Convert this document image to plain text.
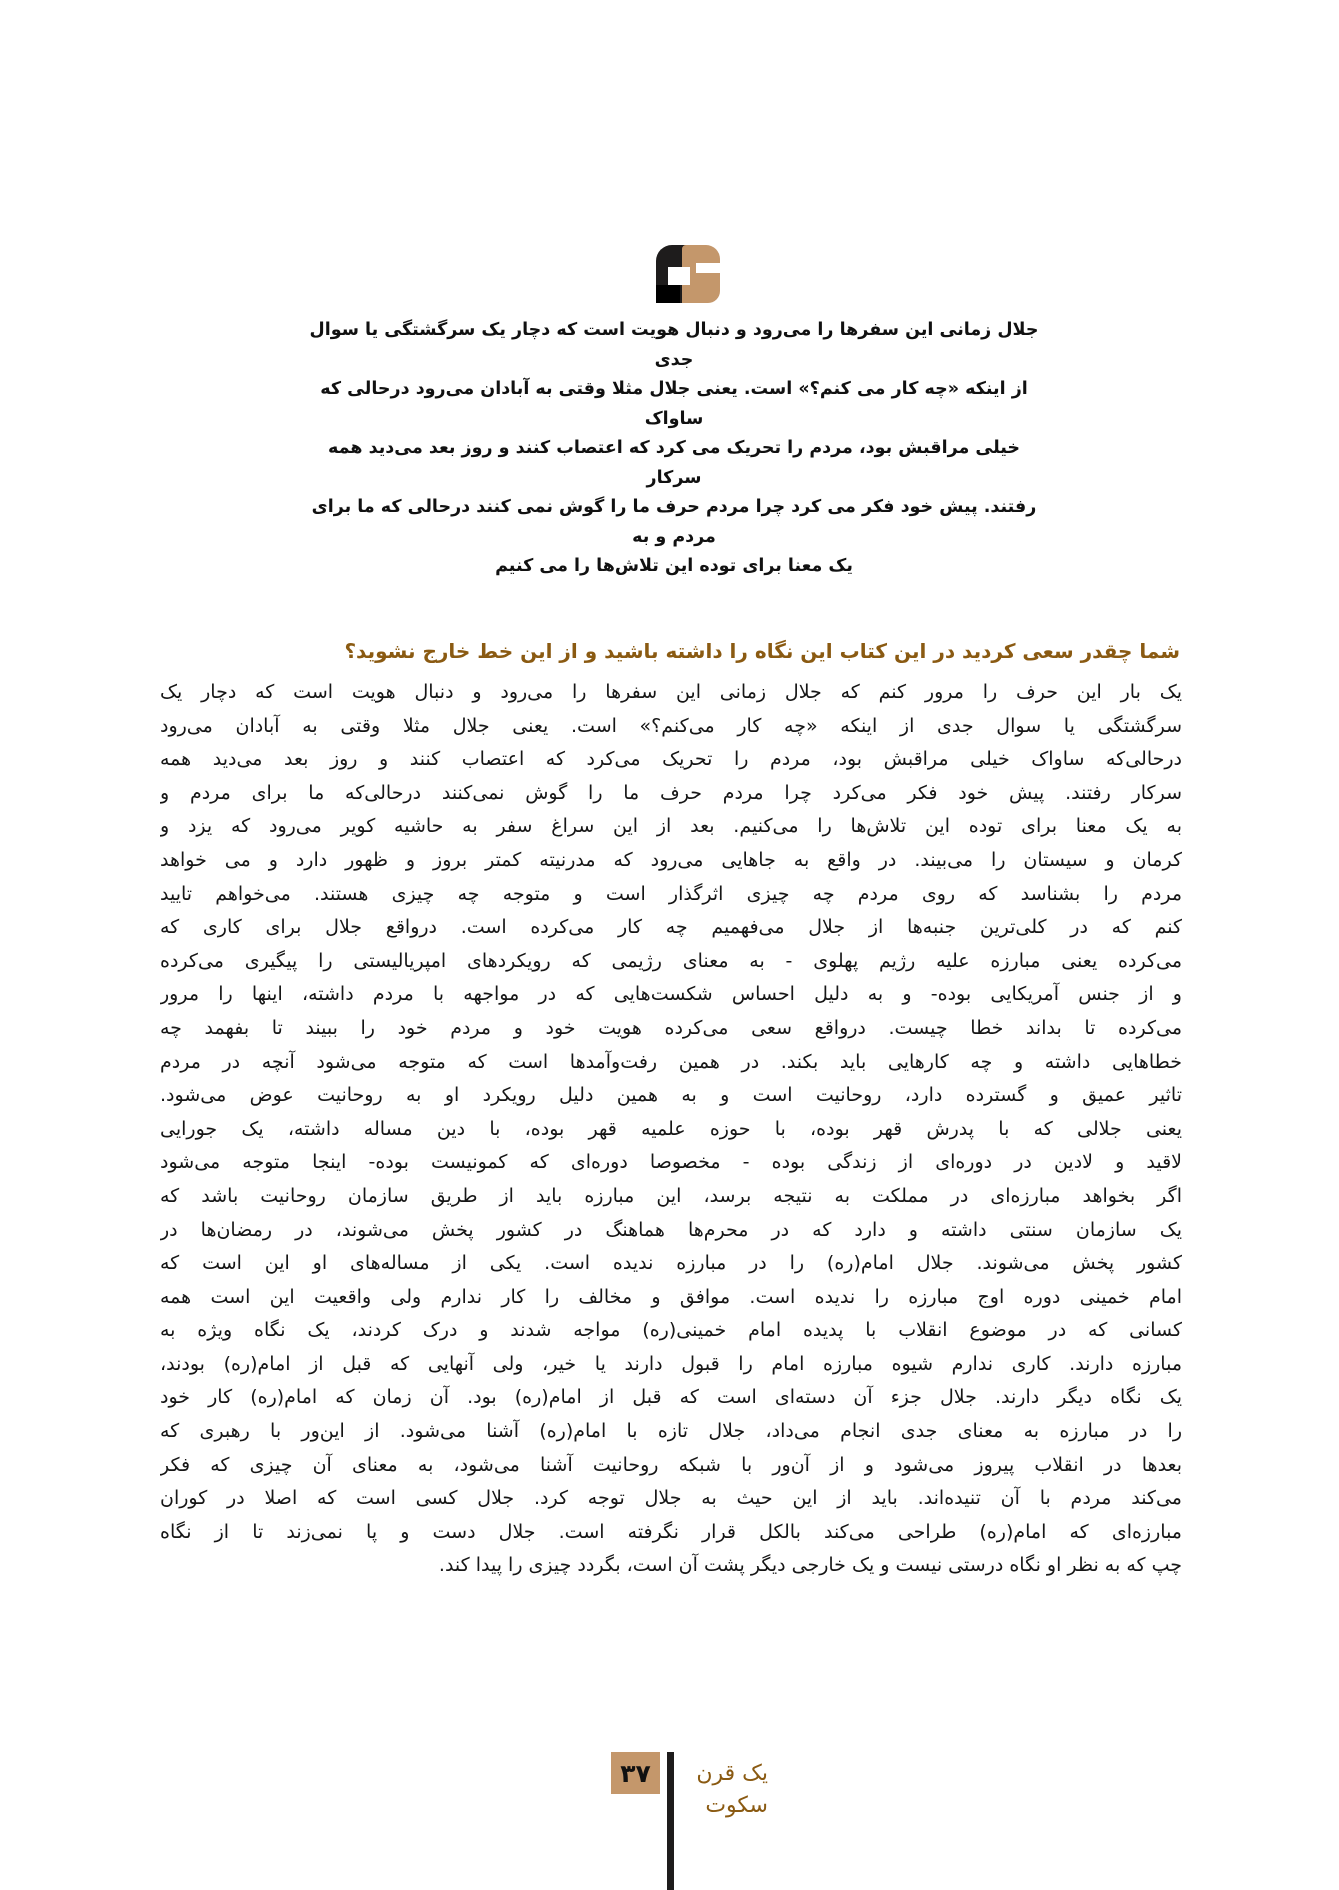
جلال زمانی این سفرها را می‌رود و دنبال هویت است که دچار یک سرگشتگی یا سوال جدی
از اینکه «چه کار می کنم؟» است. یعنی جلال مثلا وقتی به آبادان می‌رود درحالی که ساواک
خیلی مراقبش بود، مردم را تحریک می کرد که اعتصاب کنند و روز بعد می‌دید همه سرکار
رفتند. پیش خود فکر می کرد چرا مردم حرف ما را گوش نمی کنند درحالی که ما برای مردم و به
یک معنا برای توده این تلاش‌ها را می کنیم
شما چقدر سعی کردید در این کتاب این نگاه را داشته باشید و از این خط خارج نشوید؟
یک بار این حرف را مرور کنم که جلال زمانی این سفرها را می‌رود و دنبال هویت است که دچار یک
سرگشتگی یا سوال جدی از اینکه «چه کار می‌کنم؟» است. یعنی جلال مثلا وقتی به آبادان می‌رود
درحالی‌که ساواک خیلی مراقبش بود، مردم را تحریک می‌کرد که اعتصاب کنند و روز بعد می‌دید همه
سرکار رفتند. پیش خود فکر می‌کرد چرا مردم حرف ما را گوش نمی‌کنند درحالی‌که ما برای مردم و
به یک معنا برای توده این تلاش‌ها را می‌کنیم. بعد از این سراغ سفر به حاشیه کویر می‌رود که یزد و
کرمان و سیستان را می‌بیند. در واقع به جاهایی می‌رود که مدرنیته کمتر بروز و ظهور دارد و می خواهد
مردم را بشناسد که روی مردم چه چیزی اثرگذار است و متوجه چه چیزی هستند. می‌خواهم تایید
کنم که در کلی‌ترین جنبه‌ها از جلال می‌فهمیم چه کار می‌کرده است. درواقع جلال برای کاری که
می‌کرده یعنی مبارزه علیه رژیم پهلوی - به معنای رژیمی که رویکردهای امپریالیستی را پیگیری می‌کرده
و از جنس آمریکایی بوده- و به دلیل احساس شکست‌هایی که در مواجهه با مردم داشته، اینها را مرور
می‌کرده تا بداند خطا چیست. درواقع سعی می‌کرده هویت خود و مردم خود را ببیند تا بفهمد چه
خطاهایی داشته و چه کارهایی باید بکند. در همین رفت‌وآمدها است که متوجه می‌شود آنچه در مردم
تاثیر عمیق و گسترده دارد، روحانیت است و به همین دلیل رویکرد او به روحانیت عوض می‌شود.
یعنی جلالی که با پدرش قهر بوده، با حوزه علمیه قهر بوده، با دین مساله داشته، یک جورایی
لاقید و لادین در دوره‌ای از زندگی بوده - مخصوصا دوره‌ای که کمونیست بوده- اینجا متوجه می‌شود
اگر بخواهد مبارزه‌ای در مملکت به نتیجه برسد، این مبارزه باید از طریق سازمان روحانیت باشد که
یک سازمان سنتی داشته و دارد که در محرم‌ها هماهنگ در کشور پخش می‌شوند، در رمضان‌ها در
کشور پخش می‌شوند. جلال امام(ره) را در مبارزه ندیده است. یکی از مساله‌های او این است که
امام خمینی دوره اوج مبارزه را ندیده است. موافق و مخالف را کار ندارم ولی واقعیت این است همه
کسانی که در موضوع انقلاب با پدیده امام خمینی(ره) مواجه شدند و درک کردند، یک نگاه ویژه به
مبارزه دارند. کاری ندارم شیوه مبارزه امام را قبول دارند یا خیر، ولی آنهایی که قبل از امام(ره) بودند،
یک نگاه دیگر دارند. جلال جزء آن دسته‌ای است که قبل از امام(ره) بود. آن زمان که امام(ره) کار خود
را در مبارزه به معنای جدی انجام می‌داد، جلال تازه با امام(ره) آشنا می‌شود. از این‌ور با رهبری که
بعدها در انقلاب پیروز می‌شود و از آن‌ور با شبکه روحانیت آشنا می‌شود، به معنای آن چیزی که فکر
می‌کند مردم با آن تنیده‌اند. باید از این حیث به جلال توجه کرد. جلال کسی است که اصلا در کوران
مبارزه‌ای که امام(ره) طراحی می‌کند بالکل قرار نگرفته است. جلال دست و پا نمی‌زند تا از نگاه
چپ که به نظر او نگاه درستی نیست و یک خارجی دیگر پشت آن است، بگردد چیزی را پیدا کند.
۳۷	یک قرن
سکوت
